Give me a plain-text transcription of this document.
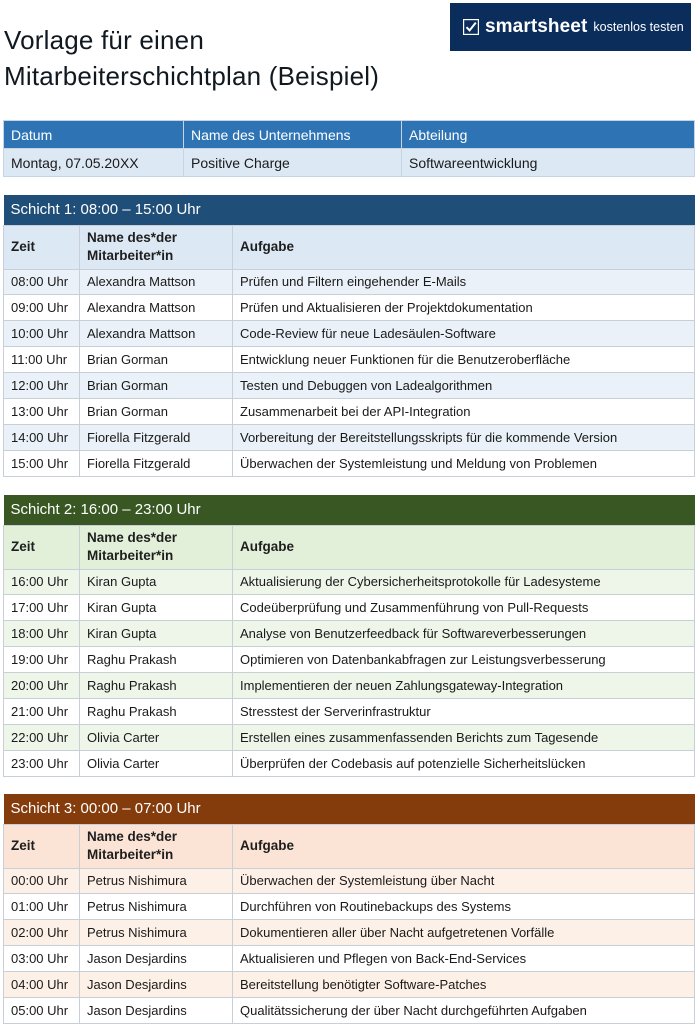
Vorlage für einen Mitarbeiterschichtplan (Beispiel)
smartsheet kostenlos testen
Datum	Name des Unternehmens	Abteilung
Montag, 07.05.20XX	Positive Charge	Softwareentwicklung
Schicht 1: 08:00 – 15:00 Uhr		
Zeit	Name des*der Mitarbeiter*in	Aufgabe
08:00 Uhr	Alexandra Mattson	Prüfen und Filtern eingehender E-Mails
09:00 Uhr	Alexandra Mattson	Prüfen und Aktualisieren der Projektdokumentation
10:00 Uhr	Alexandra Mattson	Code-Review für neue Ladesäulen-Software
11:00 Uhr	Brian Gorman	Entwicklung neuer Funktionen für die Benutzeroberfläche
12:00 Uhr	Brian Gorman	Testen und Debuggen von Ladealgorithmen
13:00 Uhr	Brian Gorman	Zusammenarbeit bei der API-Integration
14:00 Uhr	Fiorella Fitzgerald	Vorbereitung der Bereitstellungsskripts für die kommende Version
15:00 Uhr	Fiorella Fitzgerald	Überwachen der Systemleistung und Meldung von Problemen
Schicht 2: 16:00 – 23:00 Uhr		
Zeit	Name des*der Mitarbeiter*in	Aufgabe
16:00 Uhr	Kiran Gupta	Aktualisierung der Cybersicherheitsprotokolle für Ladesysteme
17:00 Uhr	Kiran Gupta	Codeüberprüfung und Zusammenführung von Pull-Requests
18:00 Uhr	Kiran Gupta	Analyse von Benutzerfeedback für Softwareverbesserungen
19:00 Uhr	Raghu Prakash	Optimieren von Datenbankabfragen zur Leistungsverbesserung
20:00 Uhr	Raghu Prakash	Implementieren der neuen Zahlungsgateway-Integration
21:00 Uhr	Raghu Prakash	Stresstest der Serverinfrastruktur
22:00 Uhr	Olivia Carter	Erstellen eines zusammenfassenden Berichts zum Tagesende
23:00 Uhr	Olivia Carter	Überprüfen der Codebasis auf potenzielle Sicherheitslücken
Schicht 3: 00:00 – 07:00 Uhr		
Zeit	Name des*der Mitarbeiter*in	Aufgabe
00:00 Uhr	Petrus Nishimura	Überwachen der Systemleistung über Nacht
01:00 Uhr	Petrus Nishimura	Durchführen von Routinebackups des Systems
02:00 Uhr	Petrus Nishimura	Dokumentieren aller über Nacht aufgetretenen Vorfälle
03:00 Uhr	Jason Desjardins	Aktualisieren und Pflegen von Back-End-Services
04:00 Uhr	Jason Desjardins	Bereitstellung benötigter Software-Patches
05:00 Uhr	Jason Desjardins	Qualitätssicherung der über Nacht durchgeführten Aufgaben
